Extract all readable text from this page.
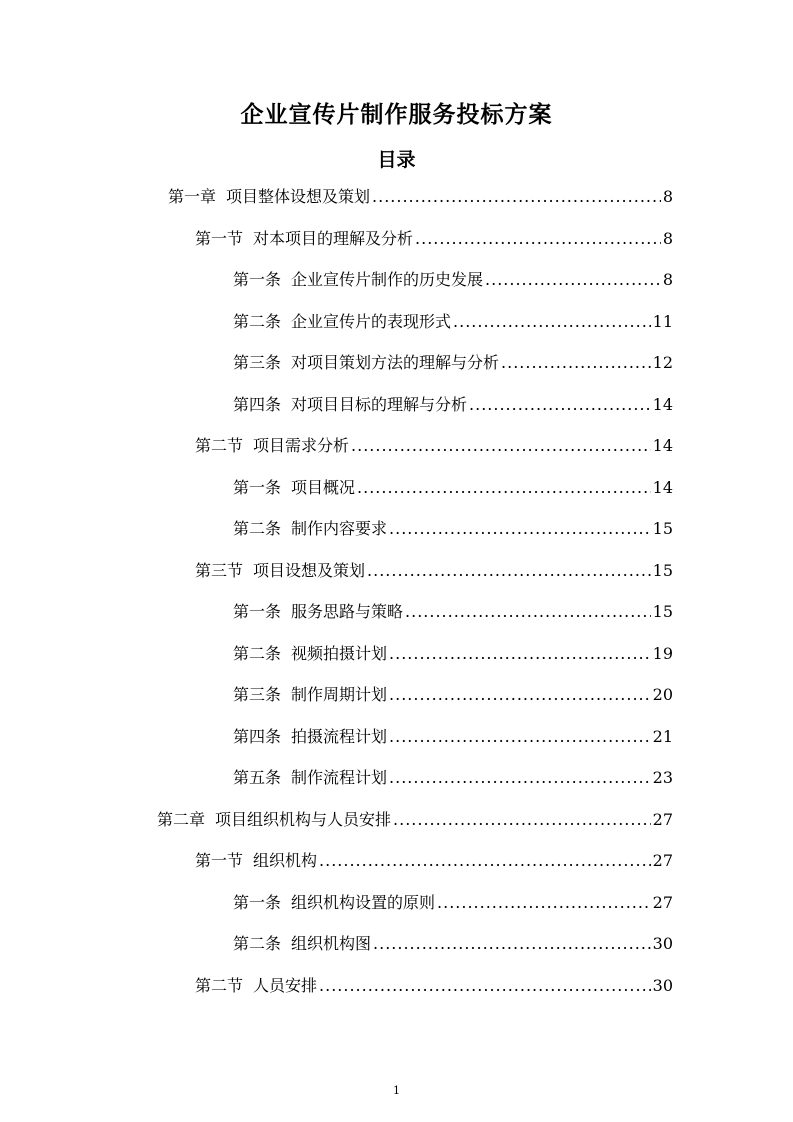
企业宣传片制作服务投标方案
目录
第一章 项目整体设想及策划 .....	8
第一节 对本项目的理解及分析 .....	8
第一条 企业宣传片制作的历史发展 .....	8
第二条 企业宣传片的表现形式 .....	11
第三条 对项目策划方法的理解与分析 .....	12
第四条 对项目目标的理解与分析 .....	14
第二节 项目需求分析 .....	14
第一条 项目概况 .....	14
第二条 制作内容要求 .....	15
第三节 项目设想及策划 .....	15
第一条 服务思路与策略 .....	15
第二条 视频拍摄计划 .....	19
第三条 制作周期计划 .....	20
第四条 拍摄流程计划 .....	21
第五条 制作流程计划 .....	23
第二章 项目组织机构与人员安排 .....	27
第一节 组织机构 .....	27
第一条 组织机构设置的原则 .....	27
第二条 组织机构图 .....	30
第二节 人员安排 .....	30
1
